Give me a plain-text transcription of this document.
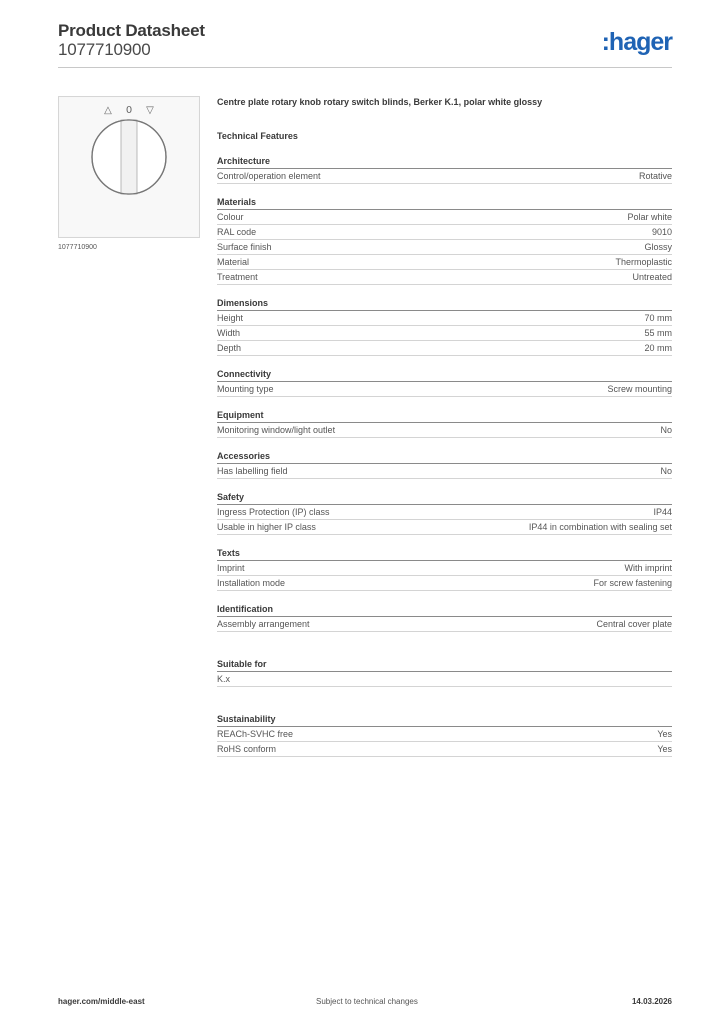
Product Datasheet
1077710900	:hager
△ 0 ▽
1077710900
Centre plate rotary knob rotary switch blinds, Berker K.1, polar white glossy
Technical Features
Architecture
Control/operation element	Rotative
Materials
Colour	Polar white
RAL code	9010
Surface finish	Glossy
Material	Thermoplastic
Treatment	Untreated
Dimensions
Height	70 mm
Width	55 mm
Depth	20 mm
Connectivity
Mounting type	Screw mounting
Equipment
Monitoring window/light outlet	No
Accessories
Has labelling field	No
Safety
Ingress Protection (IP) class	IP44
Usable in higher IP class	IP44 in combination with sealing set
Texts
Imprint	With imprint
Installation mode	For screw fastening
Identification
Assembly arrangement	Central cover plate
Suitable for
K.x
Sustainability
REACh-SVHC free	Yes
RoHS conform	Yes
hager.com/middle-east	Subject to technical changes	14.03.2026
